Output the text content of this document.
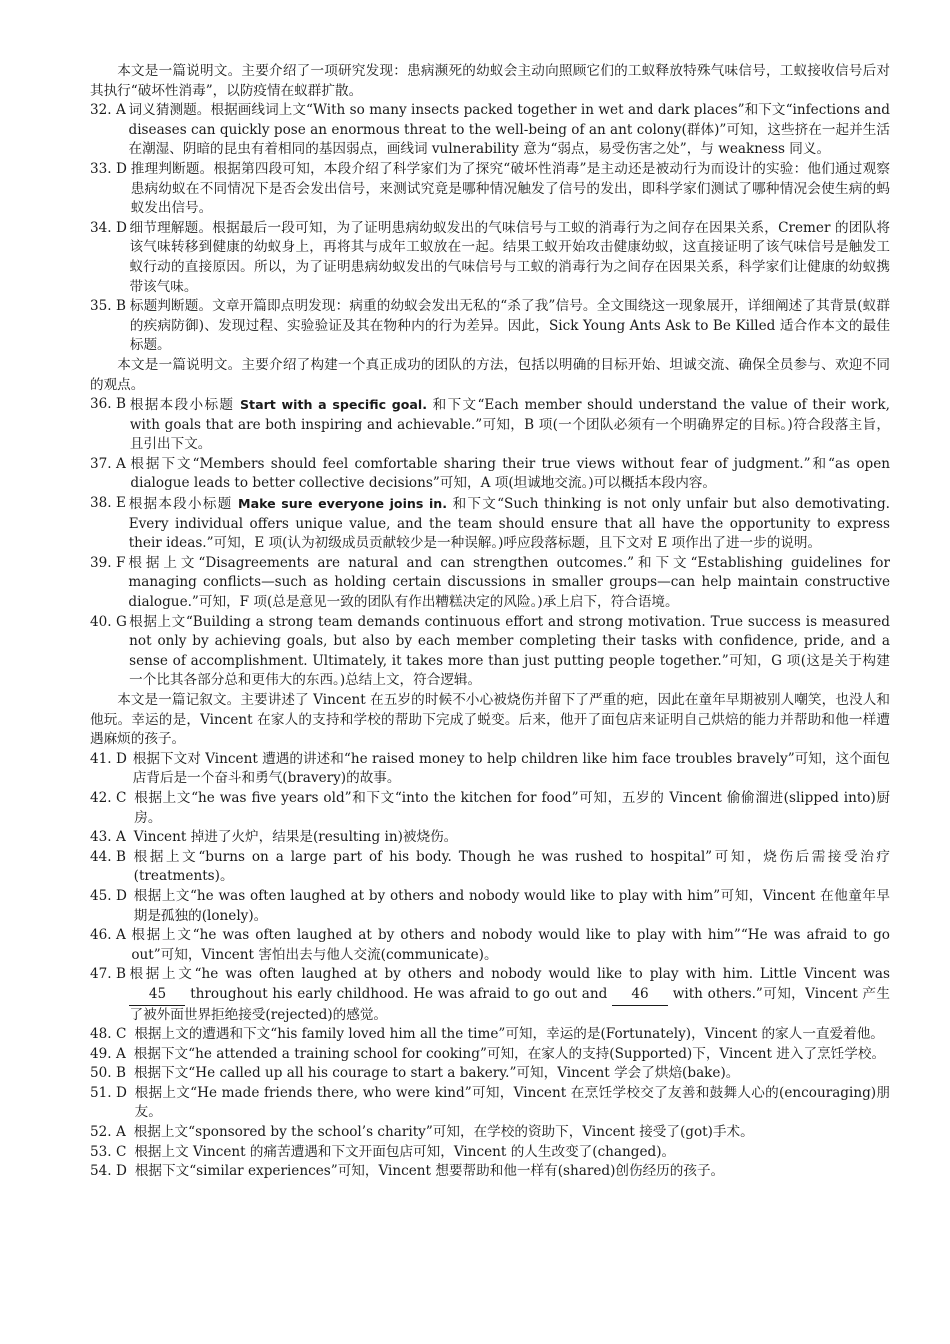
本文是一篇说明文。主要介绍了一项研究发现：患病濒死的幼蚁会主动向照顾它们的工蚁释放特殊气味信号，工蚁接收信号后对其执行“破坏性消毒”，以防疫情在蚁群扩散。

32. A 词义猜测题。根据画线词上文“With so many insects packed together in wet and dark places”和下文“infections and diseases can quickly pose an enormous threat to the well-being of an ant colony(群体)”可知，这些挤在一起并生活在潮湿、阴暗的昆虫有着相同的基因弱点，画线词 vulnerability 意为“弱点，易受伤害之处”，与 weakness 同义。
33. D 推理判断题。根据第四段可知，本段介绍了科学家们为了探究“破坏性消毒”是主动还是被动行为而设计的实验：他们通过观察患病幼蚁在不同情况下是否会发出信号，来测试究竟是哪种情况触发了信号的发出，即科学家们测试了哪种情况会使生病的蚂蚁发出信号。
34. D 细节理解题。根据最后一段可知，为了证明患病幼蚁发出的气味信号与工蚁的消毒行为之间存在因果关系，Cremer 的团队将该气味转移到健康的幼蚁身上，再将其与成年工蚁放在一起。结果工蚁开始攻击健康幼蚁，这直接证明了该气味信号是触发工蚁行动的直接原因。所以，为了证明患病幼蚁发出的气味信号与工蚁的消毒行为之间存在因果关系，科学家们让健康的幼蚁携带该气味。
35. B 标题判断题。文章开篇即点明发现：病重的幼蚁会发出无私的“杀了我”信号。全文围绕这一现象展开，详细阐述了其背景(蚁群的疾病防御)、发现过程、实验验证及其在物种内的行为差异。因此，Sick Young Ants Ask to Be Killed 适合作本文的最佳标题。

本文是一篇说明文。主要介绍了构建一个真正成功的团队的方法，包括以明确的目标开始、坦诚交流、确保全员参与、欢迎不同的观点。

36. B 根据本段小标题 Start with a specific goal. 和下文“Each member should understand the value of their work, with goals that are both inspiring and achievable.”可知，B 项(一个团队必须有一个明确界定的目标。)符合段落主旨，且引出下文。
37. A 根据下文“Members should feel comfortable sharing their true views without fear of judgment.”和“as open dialogue leads to better collective decisions”可知，A 项(坦诚地交流。)可以概括本段内容。
38. E 根据本段小标题 Make sure everyone joins in. 和下文“Such thinking is not only unfair but also demotivating. Every individual offers unique value, and the team should ensure that all have the opportunity to express their ideas.”可知，E 项(认为初级成员贡献较少是一种误解。)呼应段落标题，且下文对 E 项作出了进一步的说明。
39. F 根据上文“Disagreements are natural and can strengthen outcomes.”和下文“Establishing guidelines for managing conflicts—such as holding certain discussions in smaller groups—can help maintain constructive dialogue.”可知，F 项(总是意见一致的团队有作出糟糕决定的风险。)承上启下，符合语境。
40. G 根据上文“Building a strong team demands continuous effort and strong motivation. True success is measured not only by achieving goals, but also by each member completing their tasks with confidence, pride, and a sense of accomplishment. Ultimately, it takes more than just putting people together.”可知，G 项(这是关于构建一个比其各部分总和更伟大的东西。)总结上文，符合逻辑。

本文是一篇记叙文。主要讲述了 Vincent 在五岁的时候不小心被烧伤并留下了严重的疤，因此在童年早期被别人嘲笑，也没人和他玩。幸运的是，Vincent 在家人的支持和学校的帮助下完成了蜕变。后来，他开了面包店来证明自己烘焙的能力并帮助和他一样遭遇麻烦的孩子。

41. D 根据下文对 Vincent 遭遇的讲述和“he raised money to help children like him face troubles bravely”可知，这个面包店背后是一个奋斗和勇气(bravery)的故事。
42. C 根据上文“he was five years old”和下文“into the kitchen for food”可知，五岁的 Vincent 偷偷溜进(slipped into)厨房。
43. A Vincent 掉进了火炉，结果是(resulting in)被烧伤。
44. B 根据上文“burns on a large part of his body. Though he was rushed to hospital”可知，烧伤后需接受治疗(treatments)。
45. D 根据上文“he was often laughed at by others and nobody would like to play with him”可知，Vincent 在他童年早期是孤独的(lonely)。
46. A 根据上文“he was often laughed at by others and nobody would like to play with him”“He was afraid to go out”可知，Vincent 害怕出去与他人交流(communicate)。
47. B 根据上文“he was often laughed at by others and nobody would like to play with him. Little Vincent was 45 throughout his early childhood. He was afraid to go out and 46 with others.”可知，Vincent 产生了被外面世界拒绝接受(rejected)的感觉。
48. C 根据上文的遭遇和下文“his family loved him all the time”可知，幸运的是(Fortunately)，Vincent 的家人一直爱着他。
49. A 根据下文“he attended a training school for cooking”可知，在家人的支持(Supported)下，Vincent 进入了烹饪学校。
50. B 根据下文“He called up all his courage to start a bakery.”可知，Vincent 学会了烘焙(bake)。
51. D 根据上文“He made friends there, who were kind”可知，Vincent 在烹饪学校交了友善和鼓舞人心的(encouraging)朋友。
52. A 根据上文“sponsored by the school’s charity”可知，在学校的资助下，Vincent 接受了(got)手术。
53. C 根据上文 Vincent 的痛苦遭遇和下文开面包店可知，Vincent 的人生改变了(changed)。
54. D 根据下文“similar experiences”可知，Vincent 想要帮助和他一样有(shared)创伤经历的孩子。
